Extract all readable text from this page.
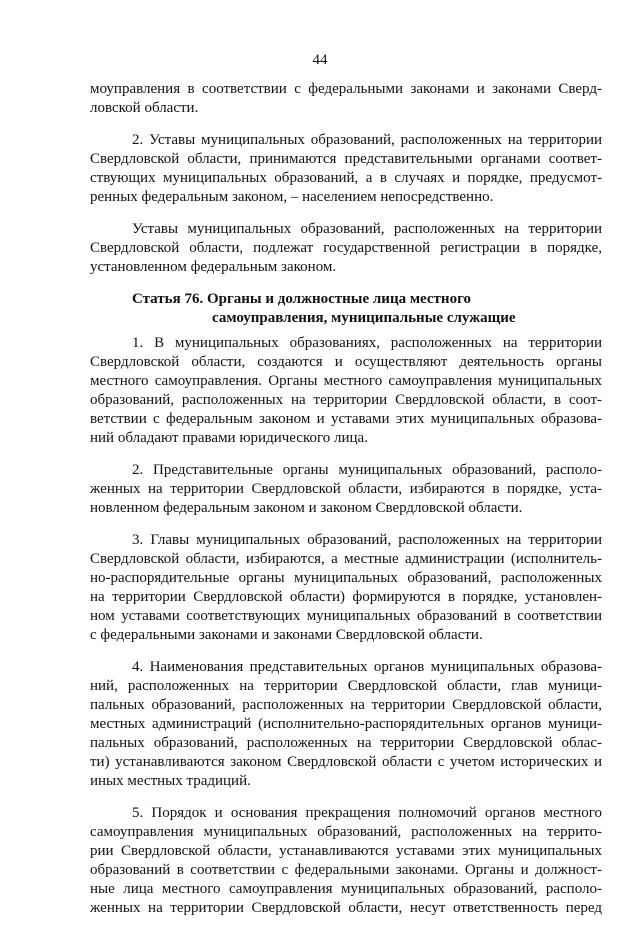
44
моуправления в соответствии с федеральными законами и законами Сверд-
ловской области.
2. Уставы муниципальных образований, расположенных на территории
Свердловской области, принимаются представительными органами соответ-
ствующих муниципальных образований, а в случаях и порядке, предусмот-
ренных федеральным законом, – населением непосредственно.
Уставы муниципальных образований, расположенных на территории
Свердловской области, подлежат государственной регистрации в порядке,
установленном федеральным законом.
Статья 76. Органы и должностные лица местного
самоуправления, муниципальные служащие
1. В муниципальных образованиях, расположенных на территории
Свердловской области, создаются и осуществляют деятельность органы
местного самоуправления. Органы местного самоуправления муниципальных
образований, расположенных на территории Свердловской области, в соот-
ветствии с федеральным законом и уставами этих муниципальных образова-
ний обладают правами юридического лица.
2. Представительные органы муниципальных образований, располо-
женных на территории Свердловской области, избираются в порядке, уста-
новленном федеральным законом и законом Свердловской области.
3. Главы муниципальных образований, расположенных на территории
Свердловской области, избираются, а местные администрации (исполнитель-
но-распорядительные органы муниципальных образований, расположенных
на территории Свердловской области) формируются в порядке, установлен-
ном уставами соответствующих муниципальных образований в соответствии
с федеральными законами и законами Свердловской области.
4. Наименования представительных органов муниципальных образова-
ний, расположенных на территории Свердловской области, глав муници-
пальных образований, расположенных на территории Свердловской области,
местных администраций (исполнительно-распорядительных органов муници-
пальных образований, расположенных на территории Свердловской облас-
ти) устанавливаются законом Свердловской области с учетом исторических и
иных местных традиций.
5. Порядок и основания прекращения полномочий органов местного
самоуправления муниципальных образований, расположенных на террито-
рии Свердловской области, устанавливаются уставами этих муниципальных
образований в соответствии с федеральными законами. Органы и должност-
ные лица местного самоуправления муниципальных образований, располо-
женных на территории Свердловской области, несут ответственность перед
